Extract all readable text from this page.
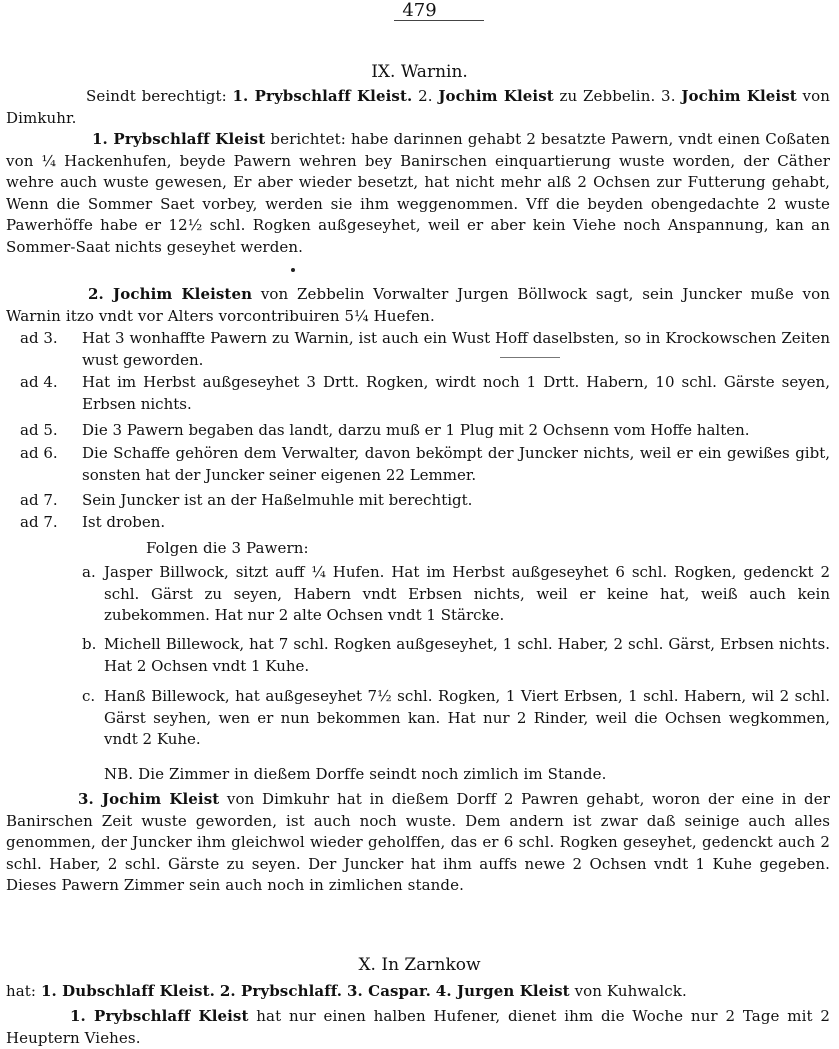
479
IX. Warnin.
Seindt berechtigt: 1. Prybschlaff Kleist. 2. Jochim Kleist zu Zebbelin. 3. Jochim Kleist von Dimkuhr.
1. Prybschlaff Kleist berichtet: habe darinnen gehabt 2 besatzte Pawern, vndt einen Coßaten von ¼ Hackenhufen, beyde Pawern wehren bey Banirschen einquartierung wuste worden, der Cäther wehre auch wuste gewesen, Er aber wieder besetzt, hat nicht mehr alß 2 Ochsen zur Futterung gehabt, Wenn die Sommer Saet vorbey, werden sie ihm weggenommen. Vff die beyden obengedachte 2 wuste Pawerhöffe habe er 12½ schl. Rogken außgeseyhet, weil er aber kein Viehe noch Anspannung, kan an Sommer-Saat nichts geseyhet werden.
2. Jochim Kleisten von Zebbelin Vorwalter Jurgen Böllwock sagt, sein Juncker muße von Warnin itzo vndt vor Alters vorcontribuiren 5¼ Huefen.
ad 3. Hat 3 wonhaffte Pawern zu Warnin, ist auch ein Wust Hoff daselbsten, so in Krockowschen Zeiten wust geworden.
ad 4. Hat im Herbst außgeseyhet 3 Drtt. Rogken, wirdt noch 1 Drtt. Habern, 10 schl. Gärste seyen, Erbsen nichts.
ad 5. Die 3 Pawern begaben das landt, darzu muß er 1 Plug mit 2 Ochsenn vom Hoffe halten.
ad 6. Die Schaffe gehören dem Verwalter, davon bekömpt der Juncker nichts, weil er ein gewißes gibt, sonsten hat der Juncker seiner eigenen 22 Lemmer.
ad 7. Sein Juncker ist an der Haßelmuhle mit berechtigt.
ad 7. Ist droben.
Folgen die 3 Pawern:
a. Jasper Billwock, sitzt auff ¼ Hufen. Hat im Herbst außgeseyhet 6 schl. Rogken, gedenckt 2 schl. Gärst zu seyen, Habern vndt Erbsen nichts, weil er keine hat, weiß auch kein zubekommen. Hat nur 2 alte Ochsen vndt 1 Stärcke.
b. Michell Billewock, hat 7 schl. Rogken außgeseyhet, 1 schl. Haber, 2 schl. Gärst, Erbsen nichts. Hat 2 Ochsen vndt 1 Kuhe.
c. Hanß Billewock, hat außgeseyhet 7½ schl. Rogken, 1 Viert Erbsen, 1 schl. Habern, wil 2 schl. Gärst seyhen, wen er nun bekommen kan. Hat nur 2 Rinder, weil die Ochsen wegkommen, vndt 2 Kuhe.
NB. Die Zimmer in dießem Dorffe seindt noch zimlich im Stande.
3. Jochim Kleist von Dimkuhr hat in dießem Dorff 2 Pawren gehabt, woron der eine in der Banirschen Zeit wuste geworden, ist auch noch wuste. Dem andern ist zwar daß seinige auch alles genommen, der Juncker ihm gleichwol wieder geholffen, das er 6 schl. Rogken geseyhet, gedenckt auch 2 schl. Haber, 2 schl. Gärste zu seyen. Der Juncker hat ihm auffs newe 2 Ochsen vndt 1 Kuhe gegeben. Dieses Pawern Zimmer sein auch noch in zimlichen stande.
X. In Zarnkow
hat: 1. Dubschlaff Kleist. 2. Prybschlaff. 3. Caspar. 4. Jurgen Kleist von Kuhwalck.
1. Prybschlaff Kleist hat nur einen halben Hufener, dienet ihm die Woche nur 2 Tage mit 2 Heuptern Viehes.
